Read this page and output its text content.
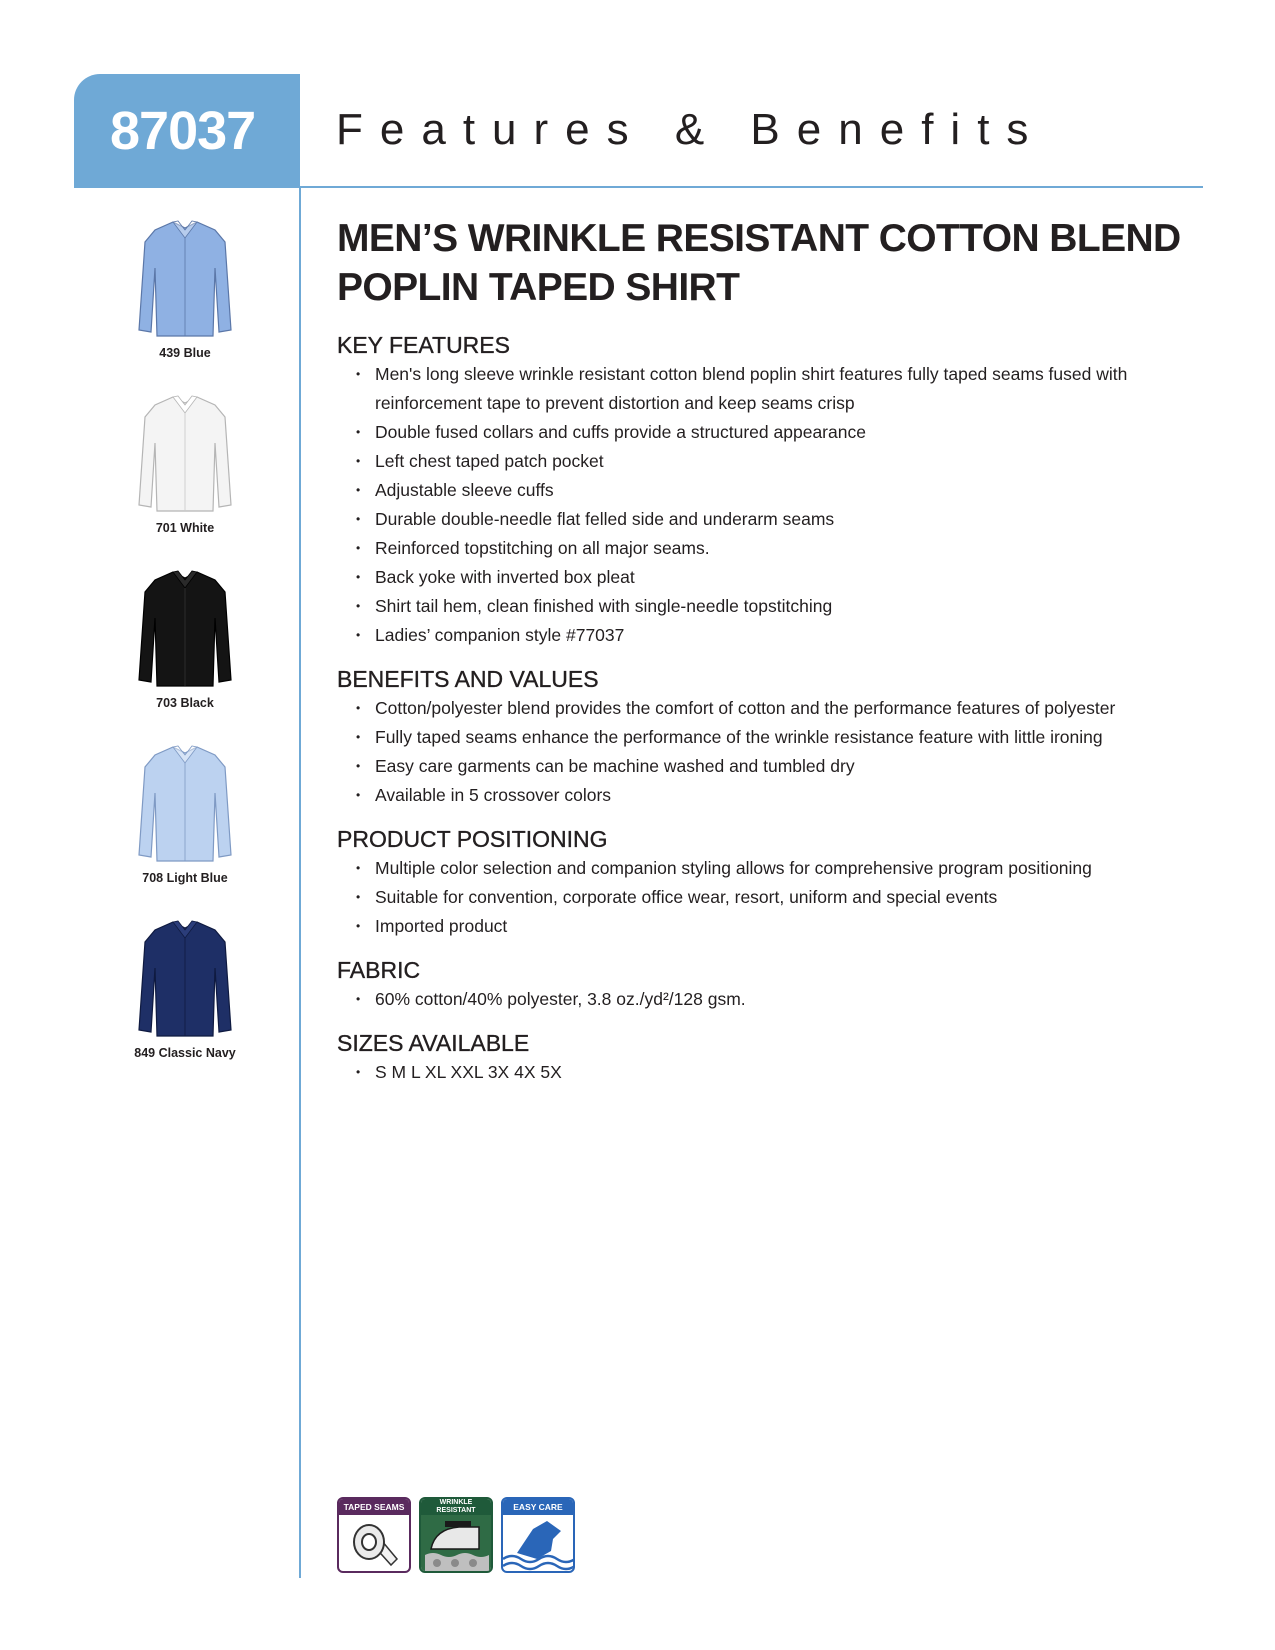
87037 Features & Benefits
439 Blue
701 White
703 Black
708 Light Blue
849 Classic Navy
MEN’S WRINKLE RESISTANT COTTON BLEND
POPLIN TAPED SHIRT
KEY FEATURES
• Men's long sleeve wrinkle resistant cotton blend poplin shirt features fully taped seams fused with reinforcement tape to prevent distortion and keep seams crisp
• Double fused collars and cuffs provide a structured appearance
• Left chest taped patch pocket
• Adjustable sleeve cuffs
• Durable double-needle flat felled side and underarm seams
• Reinforced topstitching on all major seams.
• Back yoke with inverted box pleat
• Shirt tail hem, clean finished with single-needle topstitching
• Ladies’ companion style #77037
BENEFITS AND VALUES
• Cotton/polyester blend provides the comfort of cotton and the performance features of polyester
• Fully taped seams enhance the performance of the wrinkle resistance feature with little ironing
• Easy care garments can be machine washed and tumbled dry
• Available in 5 crossover colors
PRODUCT POSITIONING
• Multiple color selection and companion styling allows for comprehensive program positioning
• Suitable for convention, corporate office wear, resort, uniform and special events
• Imported product
FABRIC
• 60% cotton/40% polyester, 3.8 oz./yd²/128 gsm.
SIZES AVAILABLE
• S M L XL XXL 3X 4X 5X
TAPED SEAMS	WRINKLE
RESISTANT	EASY CARE
